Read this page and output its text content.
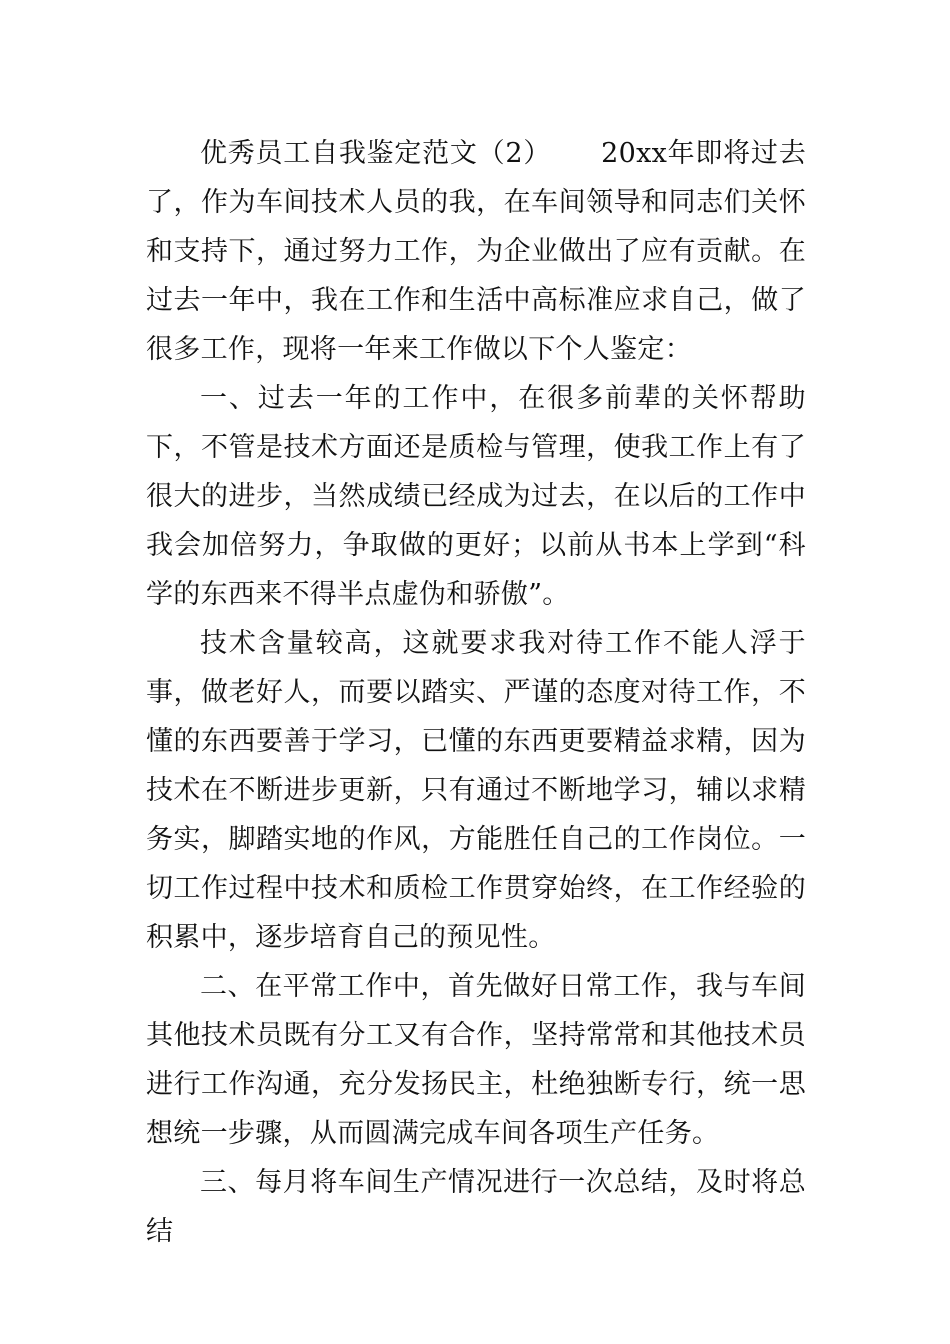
优秀员工自我鉴定范文（2） 20xx年即将过去了，作为车间技术人员的我，在车间领导和同志们关怀和支持下，通过努力工作，为企业做出了应有贡献。在过去一年中，我在工作和生活中高标准应求自己，做了很多工作，现将一年来工作做以下个人鉴定：

一、过去一年的工作中，在很多前辈的关怀帮助下，不管是技术方面还是质检与管理，使我工作上有了很大的进步，当然成绩已经成为过去，在以后的工作中我会加倍努力，争取做的更好；以前从书本上学到“科学的东西来不得半点虚伪和骄傲”。

技术含量较高，这就要求我对待工作不能人浮于事，做老好人，而要以踏实、严谨的态度对待工作，不懂的东西要善于学习，已懂的东西更要精益求精，因为技术在不断进步更新，只有通过不断地学习，辅以求精务实，脚踏实地的作风，方能胜任自己的工作岗位。一切工作过程中技术和质检工作贯穿始终，在工作经验的积累中，逐步培育自己的预见性。

二、在平常工作中，首先做好日常工作，我与车间其他技术员既有分工又有合作，坚持常常和其他技术员进行工作沟通，充分发扬民主，杜绝独断专行，统一思想统一步骤，从而圆满完成车间各项生产任务。

三、每月将车间生产情况进行一次总结，及时将总结
